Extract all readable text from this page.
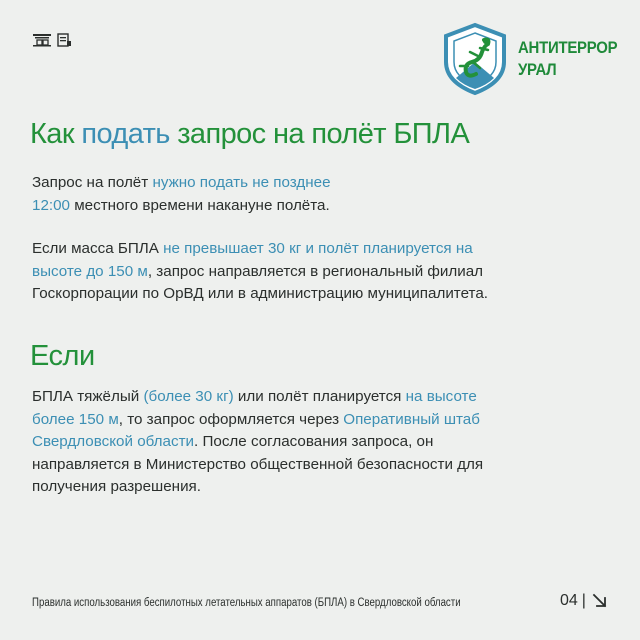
АНТИТЕРРОР
УРАЛ
Как подать запрос на полёт БПЛА

Запрос на полёт нужно подать не позднее
12:00 местного времени накануне полёта.

Если масса БПЛА не превышает 30 кг и полёт планируется на
высоте до 150 м, запрос направляется в региональный филиал
Госкорпорации по ОрВД или в администрацию муниципалитета.

Если

БПЛА тяжёлый (более 30 кг) или полёт планируется на высоте
более 150 м, то запрос оформляется через Оперативный штаб
Свердловской области. После согласования запроса, он
направляется в Министерство общественной безопасности для
получения разрешения.

Правила использования беспилотных летательных аппаратов (БПЛА) в Свердловской области	04 |
